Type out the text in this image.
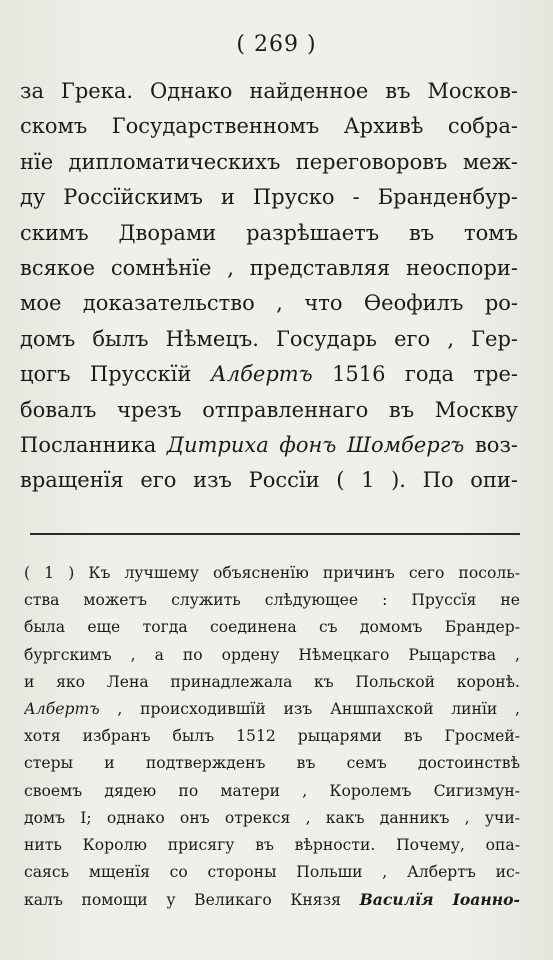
( 269 )
за Грека. Однако найденное въ Москов-
скомъ Государственномъ Архивѣ собра-
нїе дипломатическихъ переговоровъ меж-
ду Россїйскимъ и Пруско - Бранденбур-
скимъ Дворами разрѣшаетъ въ томъ
всякое сомнѣнїе , представляя неоспори-
мое доказательство , что Ѳеофилъ ро-
домъ былъ Нѣмецъ. Государь его , Гер-
цогъ Прусскїй Албертъ 1516 года тре-
бовалъ чрезъ отправленнаго въ Москву
Посланника Дитриха фонъ Шомбергъ воз-
вращенїя его изъ Россїи ( 1 ). По опи-
( 1 ) Къ лучшему объясненїю причинъ сего посоль-
ства можетъ служить слѣдующее : Пруссїя не
была еще тогда соединена съ домомъ Брандер-
бургскимъ , а по ордену Нѣмецкаго Рыцарства ,
и яко Лена принадлежала къ Польской коронѣ.
Албертъ , происходившїй изъ Аншпахской линїи ,
хотя избранъ былъ 1512 рыцарями въ Гросмей-
стеры и подтвержденъ въ семъ достоинствѣ
своемъ дядею по матери , Королемъ Сигизмун-
домъ I; однако онъ отрекся , какъ данникъ , учи-
нить Королю присягу въ вѣрности. Почему, опа-
саясь мщенїя со стороны Польши , Албертъ ис-
калъ помощи у Великаго Князя Василїя Іоанно-
